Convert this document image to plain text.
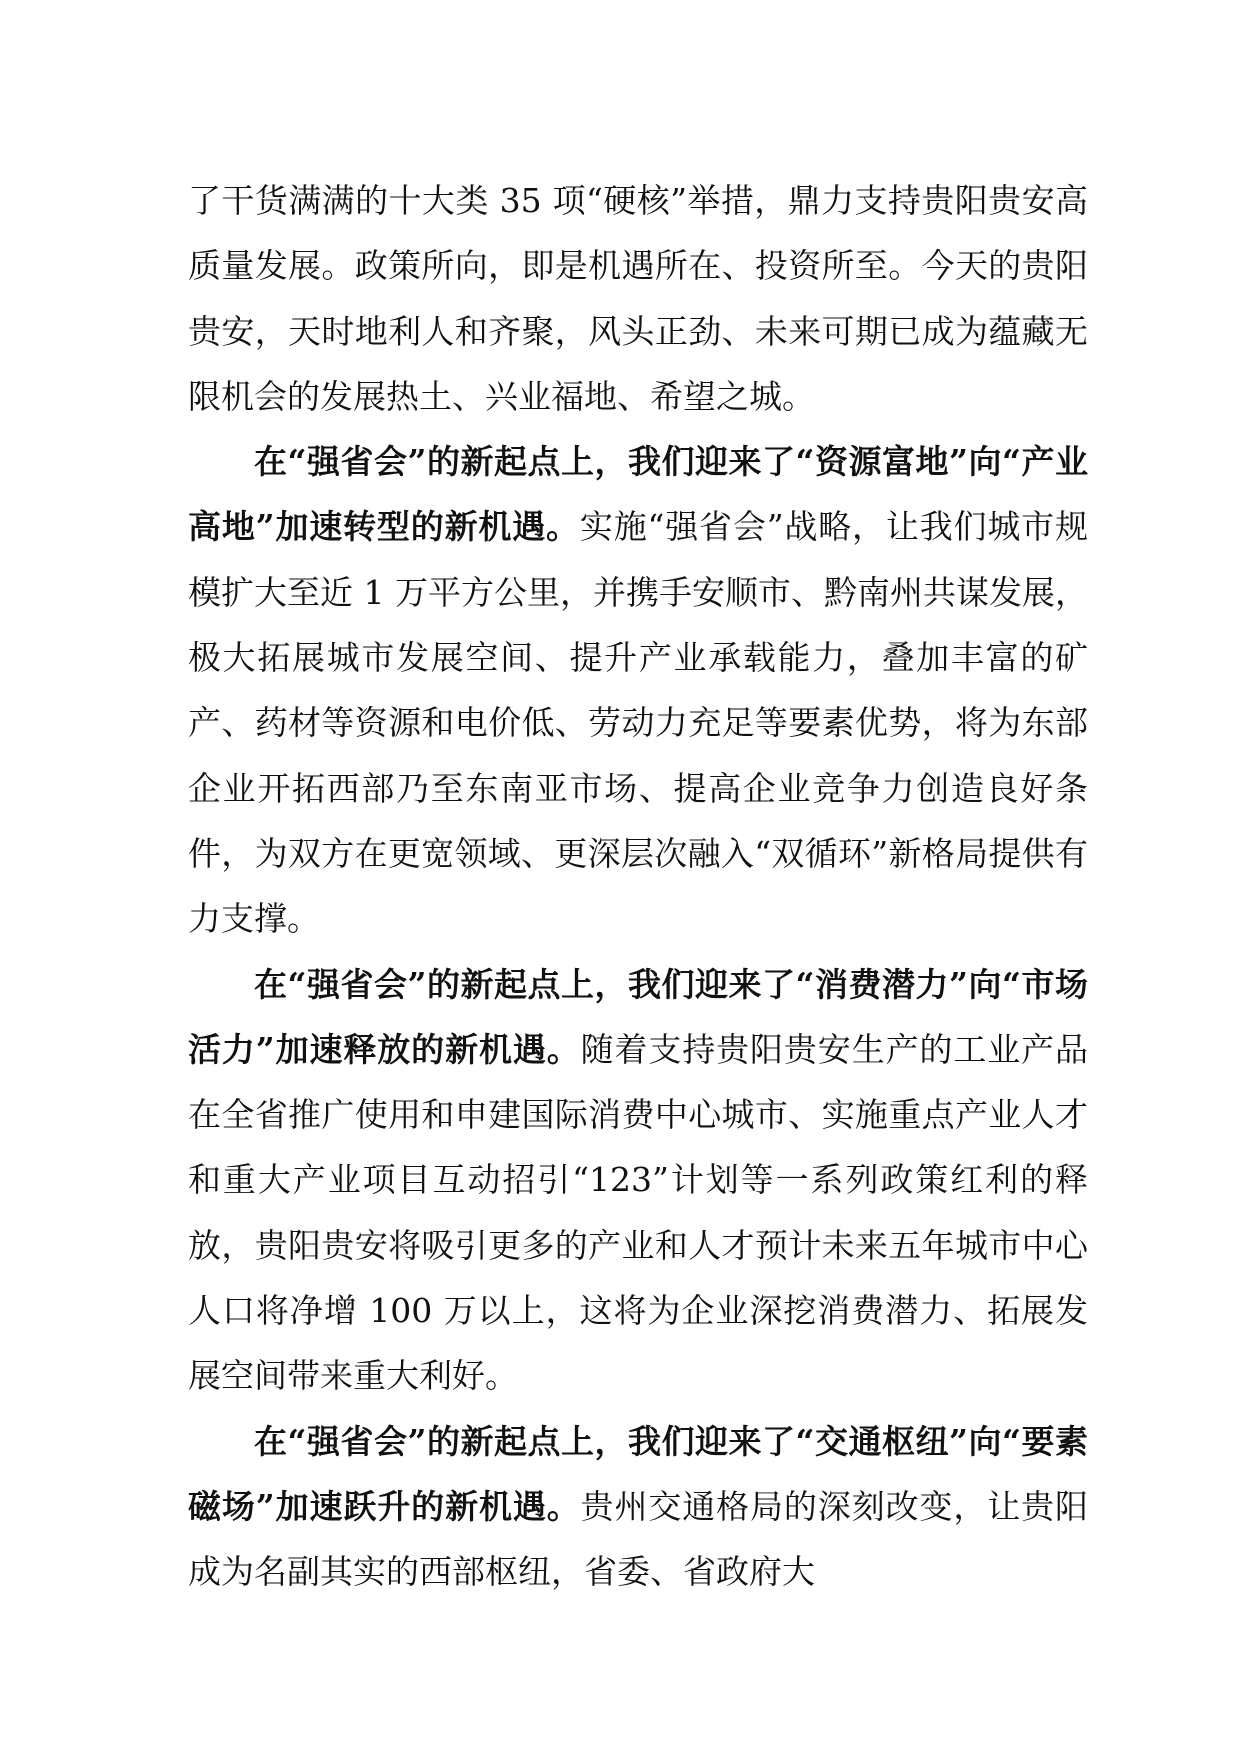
了干货满满的十大类 35 项“硬核”举措，鼎力支持贵阳贵安高质量发展。政策所向，即是机遇所在、投资所至。今天的贵阳贵安，天时地利人和齐聚，风头正劲、未来可期已成为蕴藏无限机会的发展热土、兴业福地、希望之城。

在“强省会”的新起点上，我们迎来了“资源富地”向“产业高地”加速转型的新机遇。实施“强省会”战略，让我们城市规模扩大至近 1 万平方公里，并携手安顺市、黔南州共谋发展，极大拓展城市发展空间、提升产业承载能力，叠加丰富的矿产、药材等资源和电价低、劳动力充足等要素优势，将为东部企业开拓西部乃至东南亚市场、提高企业竞争力创造良好条件，为双方在更宽领域、更深层次融入“双循环”新格局提供有力支撑。

在“强省会”的新起点上，我们迎来了“消费潜力”向“市场活力”加速释放的新机遇。随着支持贵阳贵安生产的工业产品在全省推广使用和申建国际消费中心城市、实施重点产业人才和重大产业项目互动招引“123”计划等一系列政策红利的释放，贵阳贵安将吸引更多的产业和人才预计未来五年城市中心人口将净增 100 万以上，这将为企业深挖消费潜力、拓展发展空间带来重大利好。

在“强省会”的新起点上，我们迎来了“交通枢纽”向“要素磁场”加速跃升的新机遇。贵州交通格局的深刻改变，让贵阳成为名副其实的西部枢纽，省委、省政府大
